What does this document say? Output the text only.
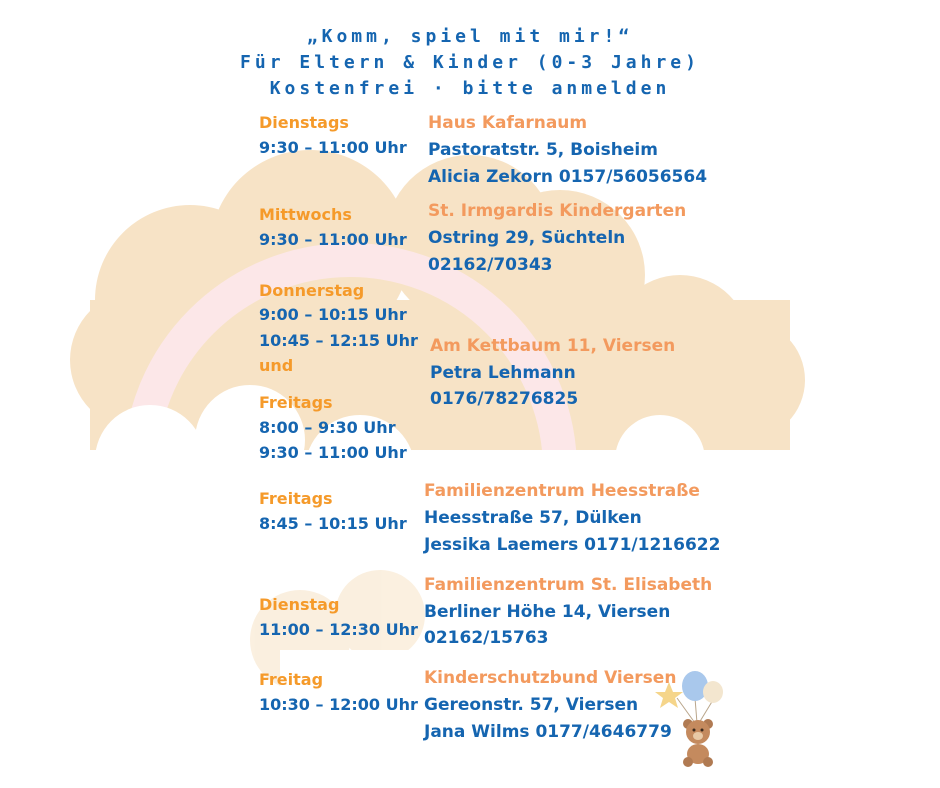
„Komm, spiel mit mir!“
Für Eltern & Kinder (0-3 Jahre)
Kostenfrei · bitte anmelden
Dienstags
9:30 – 11:00 Uhr
Haus Kafarnaum
Pastoratstr. 5, Boisheim
Alicia Zekorn 0157/56056564
Mittwochs
9:30 – 11:00 Uhr
St. Irmgardis Kindergarten
Ostring 29, Süchteln
02162/70343
Donnerstag
9:00 – 10:15 Uhr
10:45 – 12:15 Uhr
und
Freitags
8:00 – 9:30 Uhr
9:30 – 11:00 Uhr
Am Kettbaum 11, Viersen
Petra Lehmann
0176/78276825
Freitags
8:45 – 10:15 Uhr
Familienzentrum Heesstraße
Heesstraße 57, Dülken
Jessika Laemers 0171/1216622
Dienstag
11:00 – 12:30 Uhr
Familienzentrum St. Elisabeth
Berliner Höhe 14, Viersen
02162/15763
Freitag
10:30 – 12:00 Uhr
Kinderschutzbund Viersen
Gereonstr. 57, Viersen
Jana Wilms 0177/4646779
